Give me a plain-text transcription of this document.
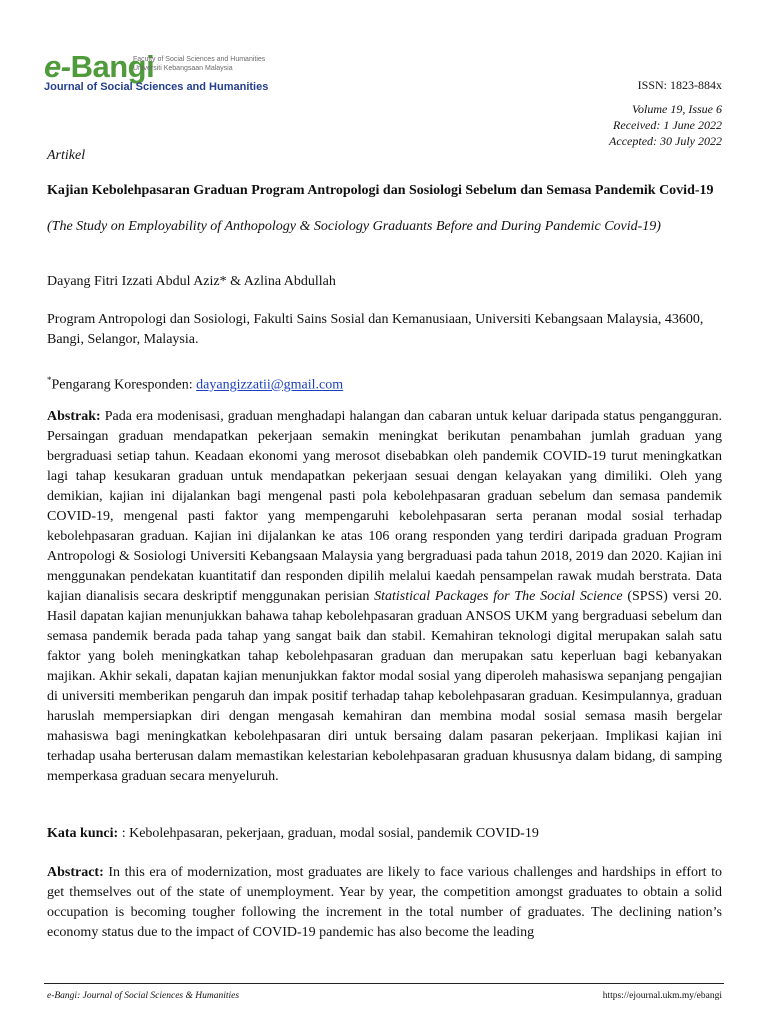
e-Bangi
Faculty of Social Sciences and Humanities
Universiti Kebangsaan Malaysia
Journal of Social Sciences and Humanities	ISSN: 1823-884x
Volume 19, Issue 6
Received: 1 June 2022
Accepted: 30 July 2022
Artikel
Kajian Kebolehpasaran Graduan Program Antropologi dan Sosiologi Sebelum dan Semasa Pandemik Covid-19
(The Study on Employability of Anthopology & Sociology Graduants Before and During Pandemic Covid-19)
Dayang Fitri Izzati Abdul Aziz* & Azlina Abdullah
Program Antropologi dan Sosiologi, Fakulti Sains Sosial dan Kemanusiaan, Universiti Kebangsaan Malaysia, 43600, Bangi, Selangor, Malaysia.
*Pengarang Koresponden: dayangizzatii@gmail.com
Abstrak: Pada era modenisasi, graduan menghadapi halangan dan cabaran untuk keluar daripada status pengangguran. Persaingan graduan mendapatkan pekerjaan semakin meningkat berikutan penambahan jumlah graduan yang bergraduasi setiap tahun. Keadaan ekonomi yang merosot disebabkan oleh pandemik COVID-19 turut meningkatkan lagi tahap kesukaran graduan untuk mendapatkan pekerjaan sesuai dengan kelayakan yang dimiliki. Oleh yang demikian, kajian ini dijalankan bagi mengenal pasti pola kebolehpasaran graduan sebelum dan semasa pandemik COVID-19, mengenal pasti faktor yang mempengaruhi kebolehpasaran serta peranan modal sosial terhadap kebolehpasaran graduan. Kajian ini dijalankan ke atas 106 orang responden yang terdiri daripada graduan Program Antropologi & Sosiologi Universiti Kebangsaan Malaysia yang bergraduasi pada tahun 2018, 2019 dan 2020. Kajian ini menggunakan pendekatan kuantitatif dan responden dipilih melalui kaedah pensampelan rawak mudah berstrata. Data kajian dianalisis secara deskriptif menggunakan perisian Statistical Packages for The Social Science (SPSS) versi 20. Hasil dapatan kajian menunjukkan bahawa tahap kebolehpasaran graduan ANSOS UKM yang bergraduasi sebelum dan semasa pandemik berada pada tahap yang sangat baik dan stabil. Kemahiran teknologi digital merupakan salah satu faktor yang boleh meningkatkan tahap kebolehpasaran graduan dan merupakan satu keperluan bagi kebanyakan majikan. Akhir sekali, dapatan kajian menunjukkan faktor modal sosial yang diperoleh mahasiswa sepanjang pengajian di universiti memberikan pengaruh dan impak positif terhadap tahap kebolehpasaran graduan. Kesimpulannya, graduan haruslah mempersiapkan diri dengan mengasah kemahiran dan membina modal sosial semasa masih bergelar mahasiswa bagi meningkatkan kebolehpasaran diri untuk bersaing dalam pasaran pekerjaan. Implikasi kajian ini terhadap usaha berterusan dalam memastikan kelestarian kebolehpasaran graduan khususnya dalam bidang, di samping memperkasa graduan secara menyeluruh.
Kata kunci: : Kebolehpasaran, pekerjaan, graduan, modal sosial, pandemik COVID-19
Abstract: In this era of modernization, most graduates are likely to face various challenges and hardships in effort to get themselves out of the state of unemployment. Year by year, the competition amongst graduates to obtain a solid occupation is becoming tougher following the increment in the total number of graduates. The declining nation’s economy status due to the impact of COVID-19 pandemic has also become the leading
e-Bangi: Journal of Social Sciences & Humanities	https://ejournal.ukm.my/ebangi
